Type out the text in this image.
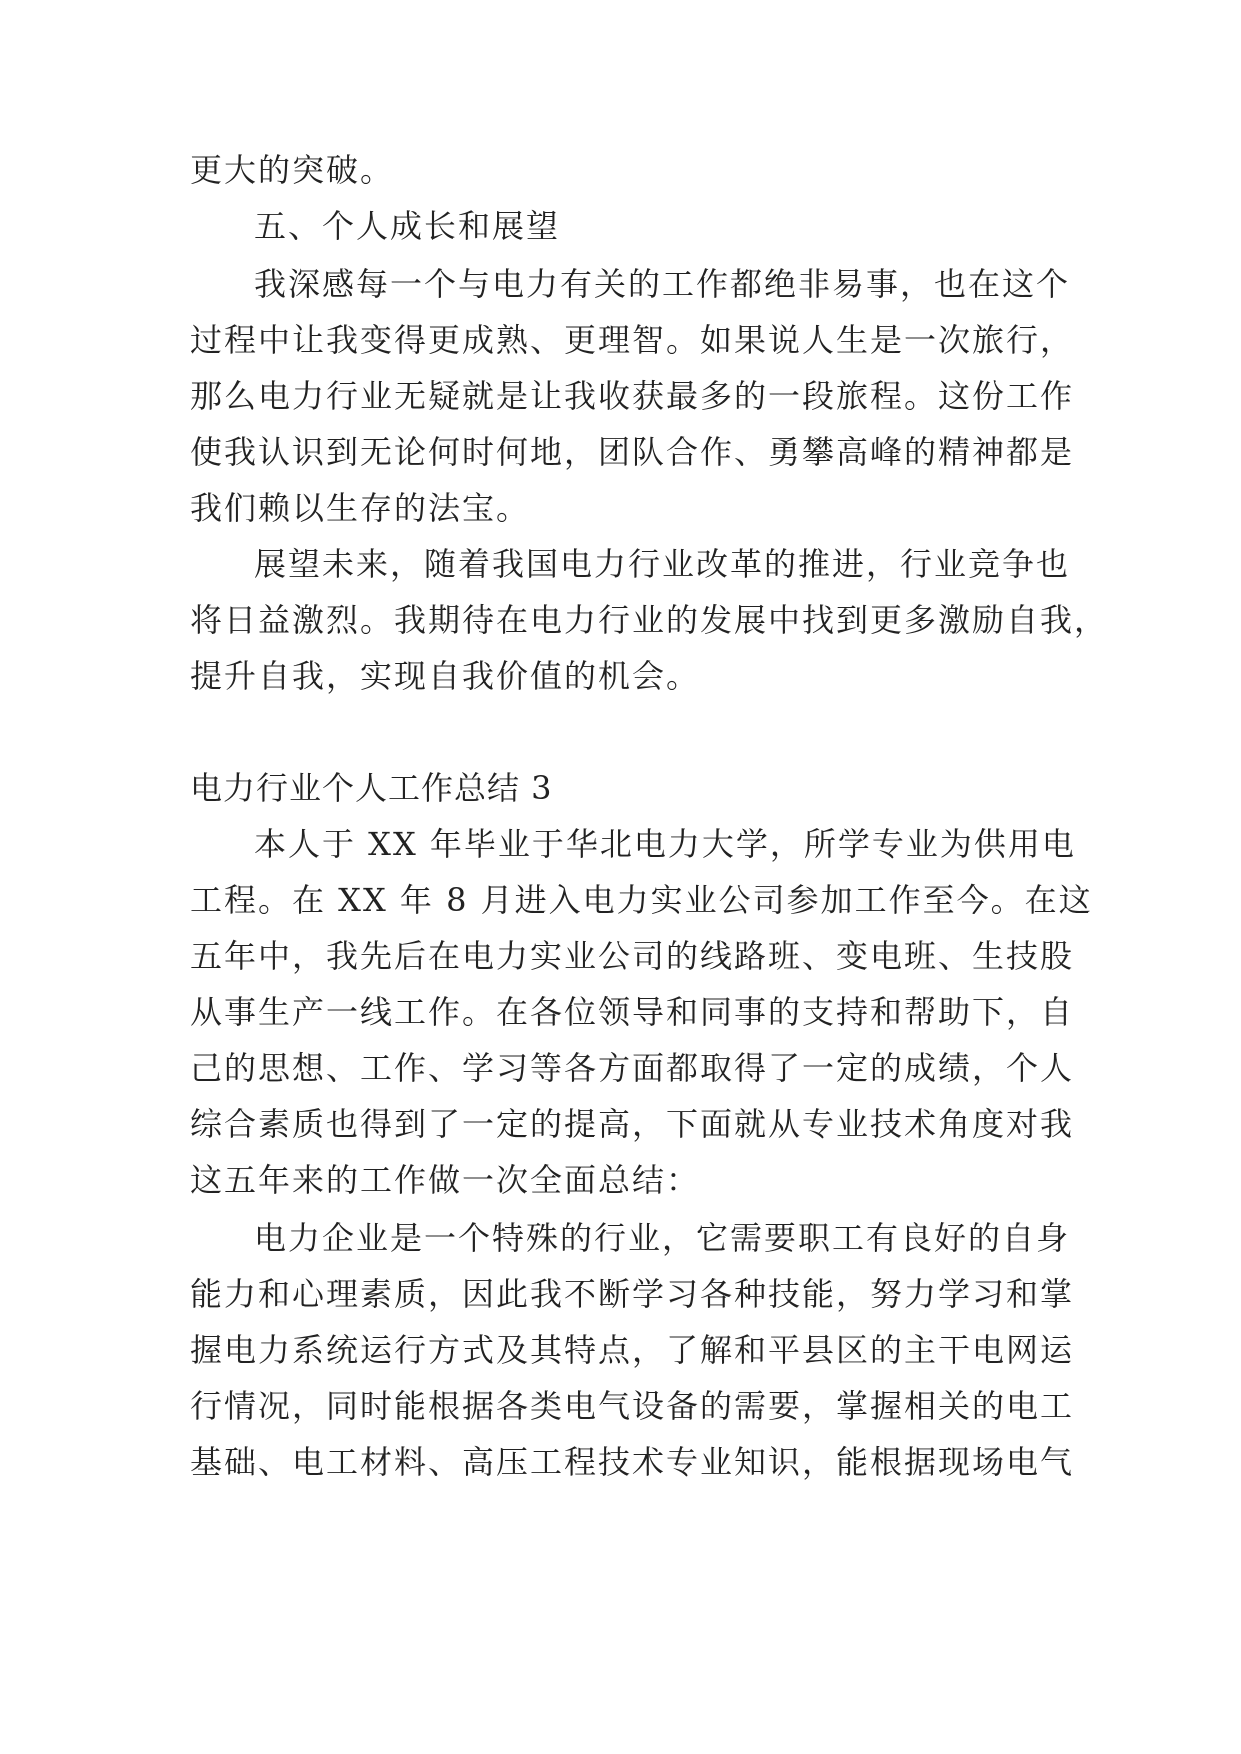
更大的突破。
五、个人成长和展望
我深感每一个与电力有关的工作都绝非易事，也在这个
过程中让我变得更成熟、更理智。如果说人生是一次旅行，
那么电力行业无疑就是让我收获最多的一段旅程。这份工作
使我认识到无论何时何地，团队合作、勇攀高峰的精神都是
我们赖以生存的法宝。
展望未来，随着我国电力行业改革的推进，行业竞争也
将日益激烈。我期待在电力行业的发展中找到更多激励自我，
提升自我，实现自我价值的机会。
电力行业个人工作总结 3
本人于 XX 年毕业于华北电力大学，所学专业为供用电
工程。在 XX 年 8 月进入电力实业公司参加工作至今。在这
五年中，我先后在电力实业公司的线路班、变电班、生技股
从事生产一线工作。在各位领导和同事的支持和帮助下，自
己的思想、工作、学习等各方面都取得了一定的成绩，个人
综合素质也得到了一定的提高，下面就从专业技术角度对我
这五年来的工作做一次全面总结：
电力企业是一个特殊的行业，它需要职工有良好的自身
能力和心理素质，因此我不断学习各种技能，努力学习和掌
握电力系统运行方式及其特点，了解和平县区的主干电网运
行情况，同时能根据各类电气设备的需要，掌握相关的电工
基础、电工材料、高压工程技术专业知识，能根据现场电气
